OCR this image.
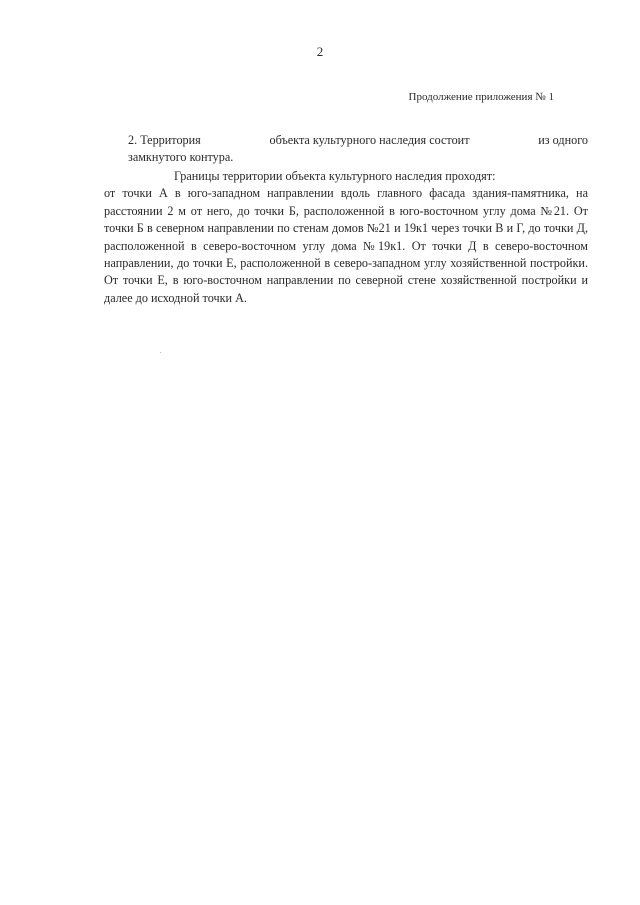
2
Продолжение приложения № 1
2. Территория	объекта культурного наследия состоит	из одного
замкнутого контура.
Границы территории объекта культурного наследия проходят:
от точки А в юго-западном направлении вдоль главного фасада здания-памятника, на расстоянии 2 м от него, до точки Б, расположенной в юго-восточном углу дома №21. От точки Б в северном направлении по стенам домов №21 и 19к1 через точки В и Г, до точки Д, расположенной в северо-восточном углу дома №19к1. От точки Д в северо-восточном направлении, до точки Е, расположенной в северо-западном углу хозяйственной постройки. От точки Е, в юго-восточном направлении по северной стене хозяйственной постройки и далее до исходной точки А.
